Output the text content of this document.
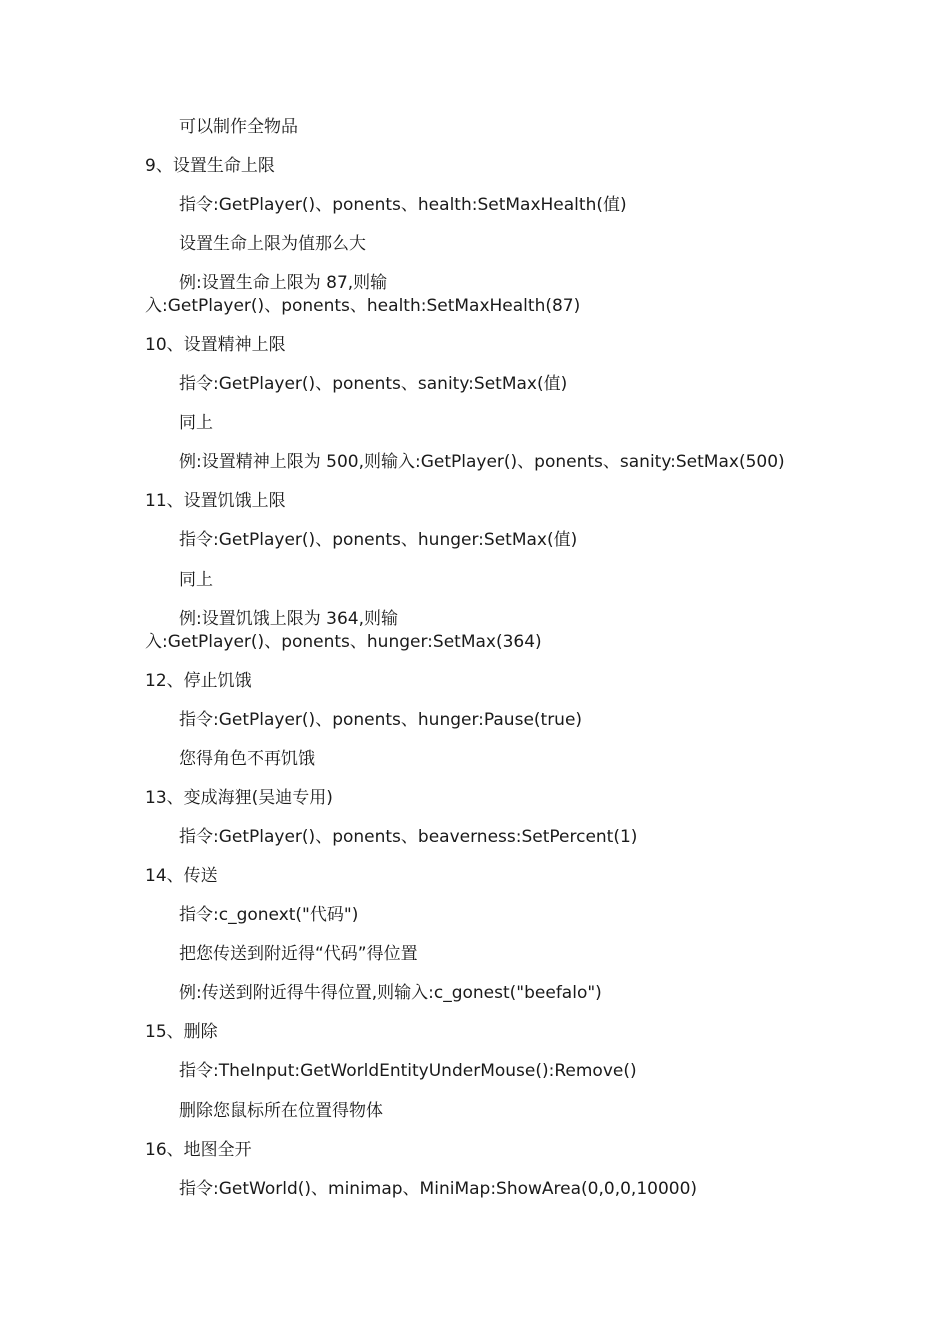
可以制作全物品
9、设置生命上限
指令:GetPlayer()、ponents、health:SetMaxHealth(值)
设置生命上限为值那么大
例:设置生命上限为 87,则输
入:GetPlayer()、ponents、health:SetMaxHealth(87)
10、设置精神上限
指令:GetPlayer()、ponents、sanity:SetMax(值)
同上
例:设置精神上限为 500,则输入:GetPlayer()、ponents、sanity:SetMax(500)
11、设置饥饿上限
指令:GetPlayer()、ponents、hunger:SetMax(值)
同上
例:设置饥饿上限为 364,则输
入:GetPlayer()、ponents、hunger:SetMax(364)
12、停止饥饿
指令:GetPlayer()、ponents、hunger:Pause(true)
您得角色不再饥饿
13、变成海狸(吴迪专用)
指令:GetPlayer()、ponents、beaverness:SetPercent(1)
14、传送
指令:c_gonext("代码")
把您传送到附近得“代码”得位置
例:传送到附近得牛得位置,则输入:c_gonest("beefalo")
15、删除
指令:TheInput:GetWorldEntityUnderMouse():Remove()
删除您鼠标所在位置得物体
16、地图全开
指令:GetWorld()、minimap、MiniMap:ShowArea(0,0,0,10000)
